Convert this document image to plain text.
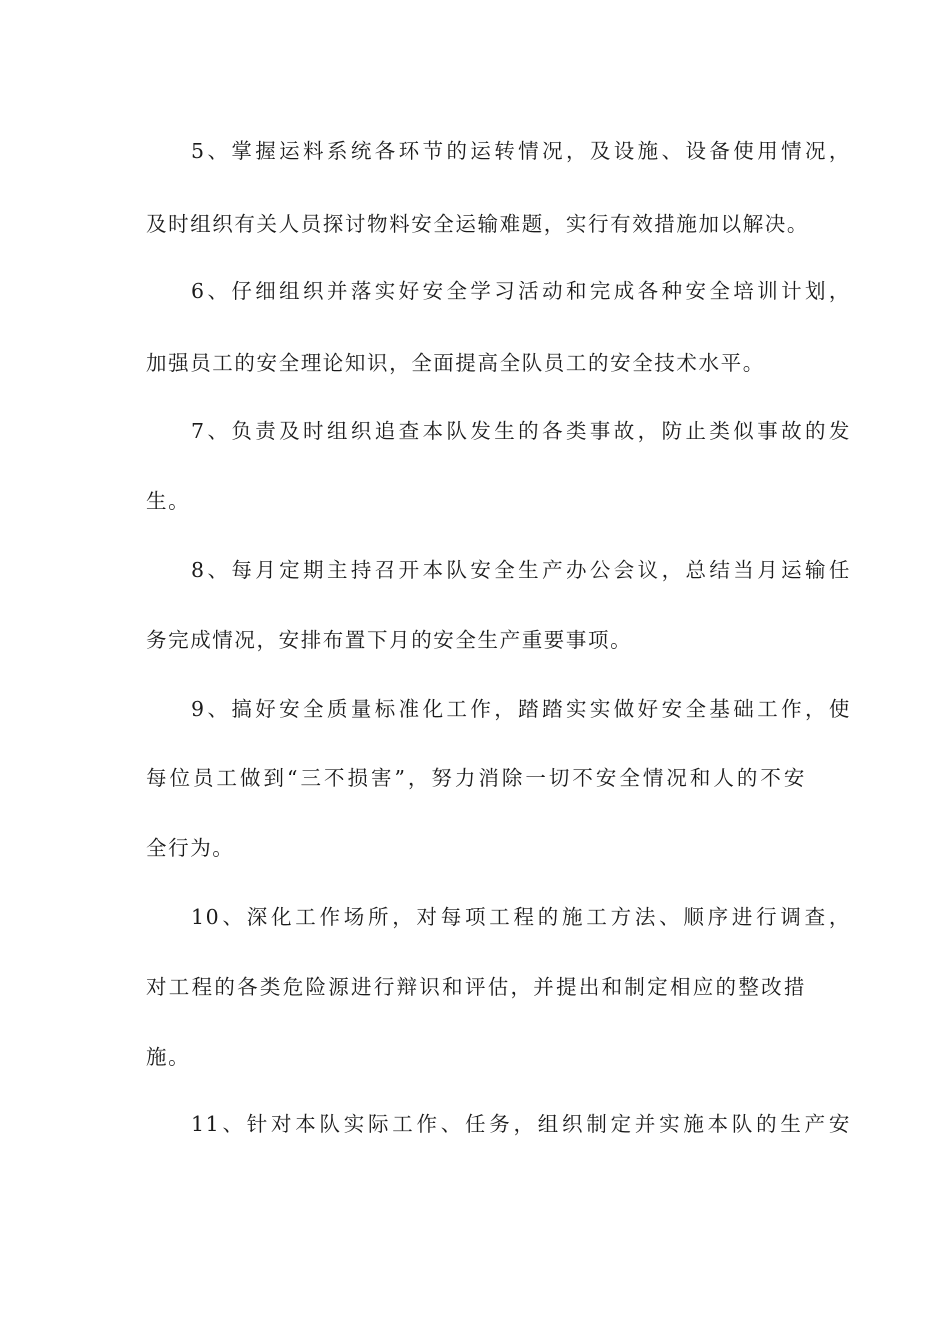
5、掌握运料系统各环节的运转情况，及设施、设备使用情况，
及时组织有关人员探讨物料安全运输难题，实行有效措施加以解决。
6、仔细组织并落实好安全学习活动和完成各种安全培训计划，
加强员工的安全理论知识，全面提高全队员工的安全技术水平。
7、负责及时组织追查本队发生的各类事故，防止类似事故的发
生。
8、每月定期主持召开本队安全生产办公会议，总结当月运输任
务完成情况，安排布置下月的安全生产重要事项。
9、搞好安全质量标准化工作，踏踏实实做好安全基础工作，使
每位员工做到“三不损害”，努力消除一切不安全情况和人的不安
全行为。
10、深化工作场所，对每项工程的施工方法、顺序进行调查，
对工程的各类危险源进行辩识和评估，并提出和制定相应的整改措
施。
11、针对本队实际工作、任务，组织制定并实施本队的生产安
